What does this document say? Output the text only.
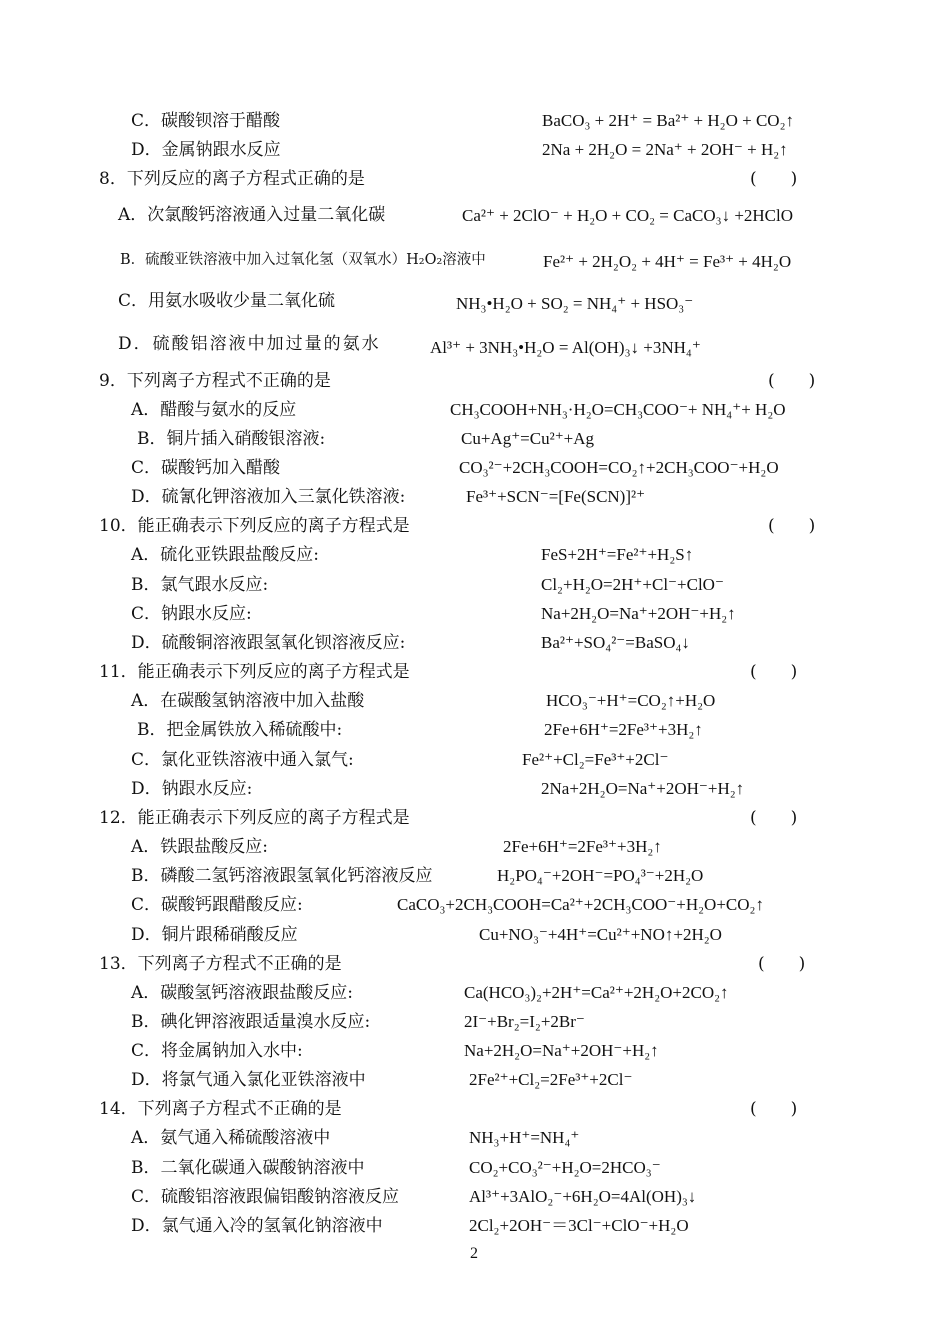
C．碳酸钡溶于醋酸	BaCO₃ + 2H⁺ = Ba²⁺ + H₂O + CO₂↑
D．金属钠跟水反应	2Na + 2H₂O = 2Na⁺ + 2OH⁻ + H₂↑
8．下列反应的离子方程式正确的是	(　　)
A．次氯酸钙溶液通入过量二氧化碳	Ca²⁺ + 2ClO⁻ + H₂O + CO₂ = CaCO₃↓ +2HClO
B．硫酸亚铁溶液中加入过氧化氢（双氧水）H₂O₂溶液中	Fe²⁺ + 2H₂O₂ + 4H⁺ = Fe³⁺ + 4H₂O
C．用氨水吸收少量二氧化硫	NH₃•H₂O + SO₂ = NH₄⁺ + HSO₃⁻
D．硫酸铝溶液中加过量的氨水	Al³⁺ + 3NH₃•H₂O = Al(OH)₃↓ +3NH₄⁺
9．下列离子方程式不正确的是	(　　)
A．醋酸与氨水的反应	CH₃COOH+NH₃·H₂O=CH₃COO⁻+ NH₄⁺+ H₂O
B．铜片插入硝酸银溶液:	Cu+Ag⁺=Cu²⁺+Ag
C．碳酸钙加入醋酸	CO₃²⁻+2CH₃COOH=CO₂↑+2CH₃COO⁻+H₂O
D．硫氰化钾溶液加入三氯化铁溶液:	Fe³⁺+SCN⁻=[Fe(SCN)]²⁺
10．能正确表示下列反应的离子方程式是	(　　)
A．硫化亚铁跟盐酸反应:	FeS+2H⁺=Fe²⁺+H₂S↑
B．氯气跟水反应:	Cl₂+H₂O=2H⁺+Cl⁻+ClO⁻
C．钠跟水反应:	Na+2H₂O=Na⁺+2OH⁻+H₂↑
D．硫酸铜溶液跟氢氧化钡溶液反应:	Ba²⁺+SO₄²⁻=BaSO₄↓
11．能正确表示下列反应的离子方程式是	(　　)
A．在碳酸氢钠溶液中加入盐酸	HCO₃⁻+H⁺=CO₂↑+H₂O
B．把金属铁放入稀硫酸中:	2Fe+6H⁺=2Fe³⁺+3H₂↑
C．氯化亚铁溶液中通入氯气:	Fe²⁺+Cl₂=Fe³⁺+2Cl⁻
D．钠跟水反应:	2Na+2H₂O=Na⁺+2OH⁻+H₂↑
12．能正确表示下列反应的离子方程式是	(　　)
A．铁跟盐酸反应:	2Fe+6H⁺=2Fe³⁺+3H₂↑
B．磷酸二氢钙溶液跟氢氧化钙溶液反应	H₂PO₄⁻+2OH⁻=PO₄³⁻+2H₂O
C．碳酸钙跟醋酸反应:	CaCO₃+2CH₃COOH=Ca²⁺+2CH₃COO⁻+H₂O+CO₂↑
D．铜片跟稀硝酸反应	Cu+NO₃⁻+4H⁺=Cu²⁺+NO↑+2H₂O
13．下列离子方程式不正确的是	(　　)
A．碳酸氢钙溶液跟盐酸反应:	Ca(HCO₃)₂+2H⁺=Ca²⁺+2H₂O+2CO₂↑
B．碘化钾溶液跟适量溴水反应:	2I⁻+Br₂=I₂+2Br⁻
C．将金属钠加入水中:	Na+2H₂O=Na⁺+2OH⁻+H₂↑
D．将氯气通入氯化亚铁溶液中	2Fe²⁺+Cl₂=2Fe³⁺+2Cl⁻
14．下列离子方程式不正确的是	(　　)
A．氨气通入稀硫酸溶液中	NH₃+H⁺=NH₄⁺
B．二氧化碳通入碳酸钠溶液中	CO₂+CO₃²⁻+H₂O=2HCO₃⁻
C．硫酸铝溶液跟偏铝酸钠溶液反应	Al³⁺+3AlO₂⁻+6H₂O=4Al(OH)₃↓
D．氯气通入冷的氢氧化钠溶液中	2Cl₂+2OH⁻＝3Cl⁻+ClO⁻+H₂O
2
